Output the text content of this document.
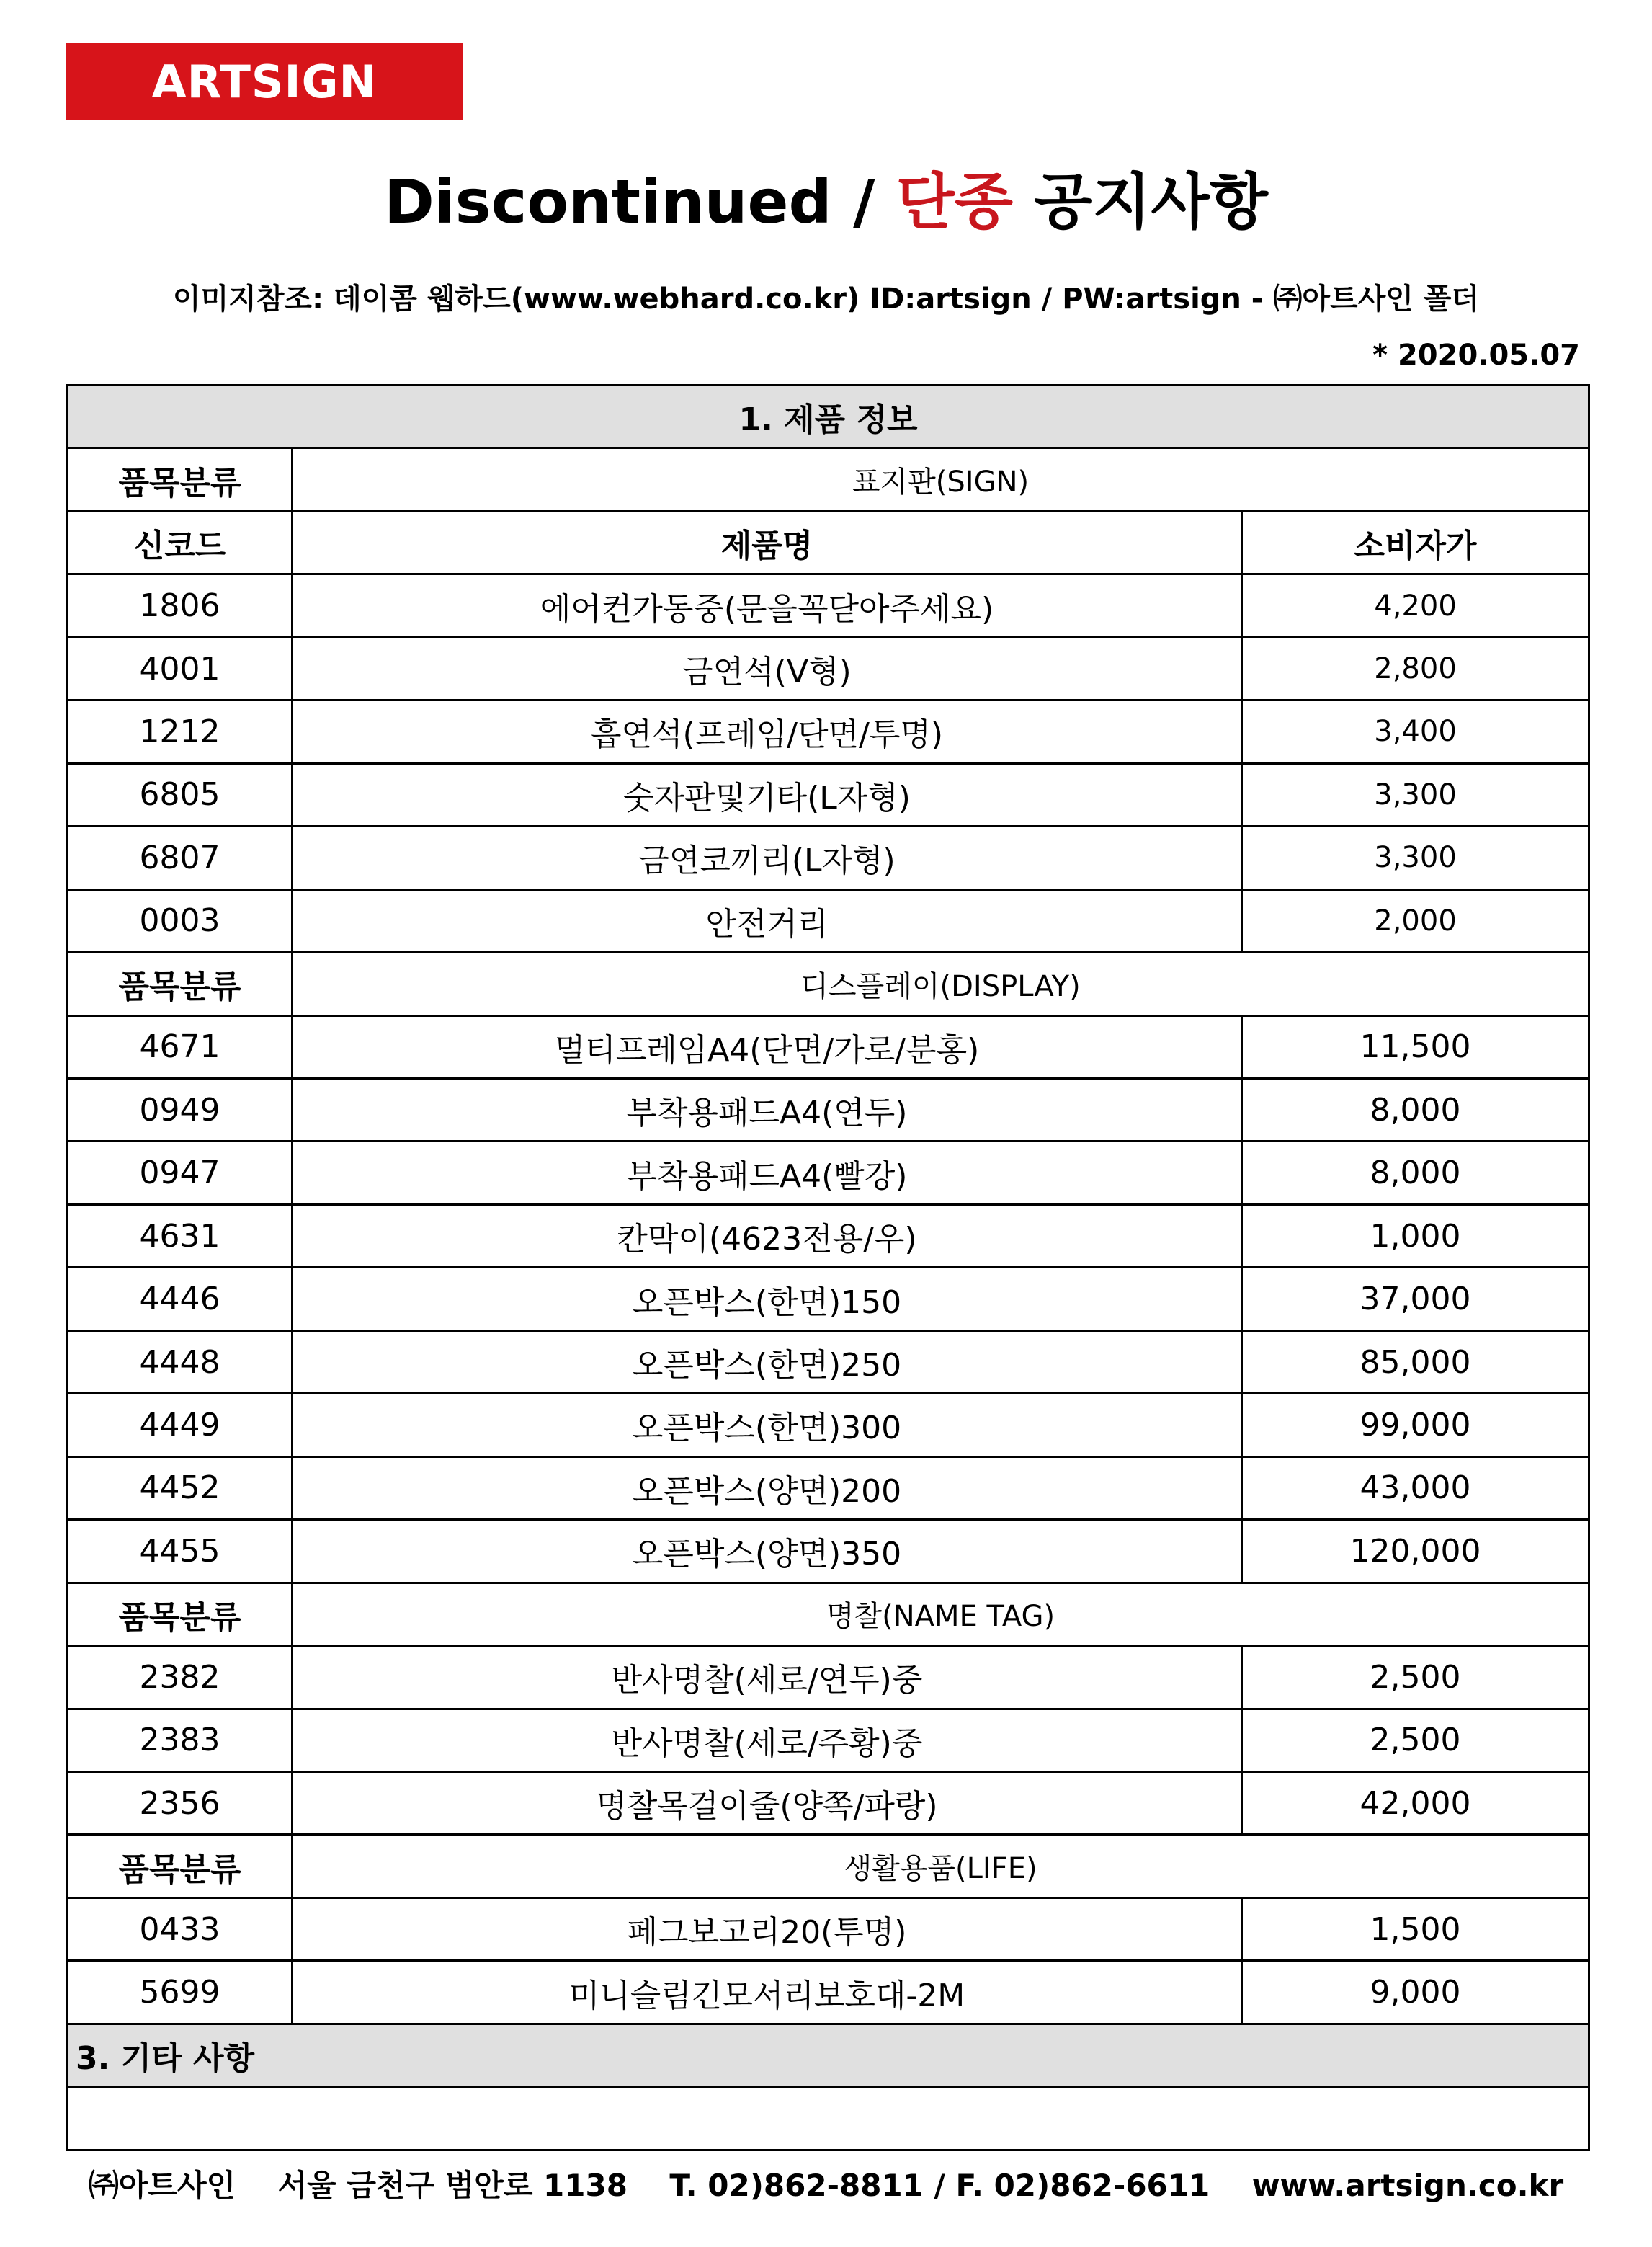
ARTSIGN
Discontinued / 단종 공지사항
이미지참조: 데이콤 웹하드(www.webhard.co.kr) ID:artsign / PW:artsign - ㈜아트사인 폴더
* 2020.05.07
1. 제품 정보		
품목분류	표지판(SIGN)	
신코드	제품명	소비자가
1806	에어컨가동중(문을꼭닫아주세요)	4,200
4001	금연석(V형)	2,800
1212	흡연석(프레임/단면/투명)	3,400
6805	숫자판및기타(L자형)	3,300
6807	금연코끼리(L자형)	3,300
0003	안전거리	2,000
품목분류	디스플레이(DISPLAY)	
4671	멀티프레임A4(단면/가로/분홍)	11,500
0949	부착용패드A4(연두)	8,000
0947	부착용패드A4(빨강)	8,000
4631	칸막이(4623전용/우)	1,000
4446	오픈박스(한면)150	37,000
4448	오픈박스(한면)250	85,000
4449	오픈박스(한면)300	99,000
4452	오픈박스(양면)200	43,000
4455	오픈박스(양면)350	120,000
품목분류	명찰(NAME TAG)	
2382	반사명찰(세로/연두)중	2,500
2383	반사명찰(세로/주황)중	2,500
2356	명찰목걸이줄(양쪽/파랑)	42,000
품목분류	생활용품(LIFE)	
0433	페그보고리20(투명)	1,500
5699	미니슬림긴모서리보호대-2M	9,000
3. 기타 사항		

㈜아트사인    서울 금천구 범안로 1138    T. 02)862-8811 / F. 02)862-6611    www.artsign.co.kr
